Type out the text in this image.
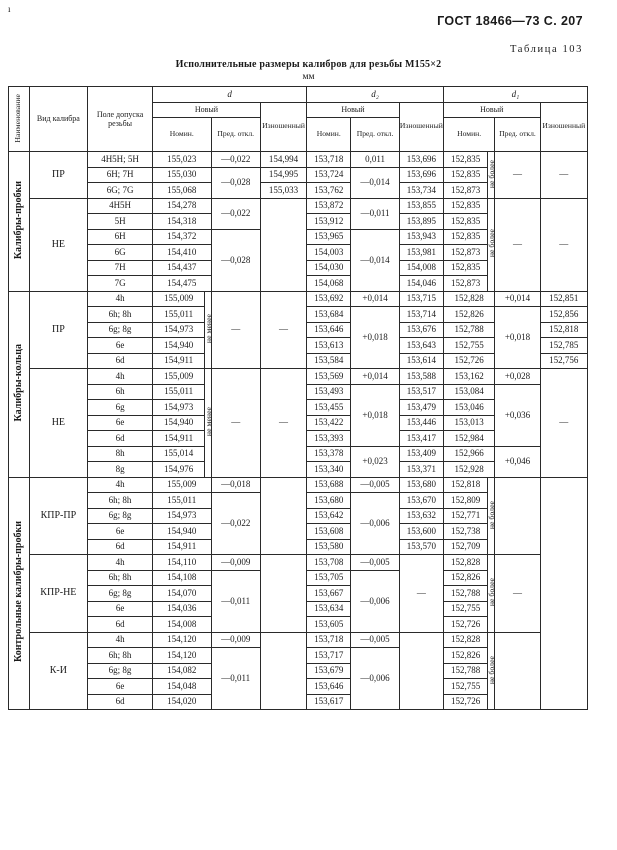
ı
ГОСТ 18466—73 С. 207
Таблица 103
Исполнительные размеры калибров для резьбы М155×2
мм
Наименование	Вид калибра	Поле допуска резьбы	d				d₂			d₁			
			Новый			Изношенный	Новый		Изношенный	Новый			Изношенный
			Номин.		Пред. откл.		Номин.	Пред. откл.		Номин.		Пред. откл.	
Калибры-пробки	ПР	4H5H; 5H	155,023		—0,022	154,994	153,718	0,011	153,696	152,835	не более	—	—
		6H; 7H	155,030		—0,028	154,995	153,724	—0,014	153,696	152,835			
		6G; 7G	155,068			155,033	153,762		153,734	152,873			
	НЕ	4H5H	154,278		—0,022		153,872	—0,011	153,855	152,835	не более	—	—
		5H	154,318				153,912		153,895	152,835			
		6H	154,372		—0,028		153,965	—0,014	153,943	152,835			
		6G	154,410				154,003		153,981	152,873			
		7H	154,437				154,030		154,008	152,835			
		7G	154,475				154,068		154,046	152,873			
Калибры-кольца	ПР	4h	155,009	не менее	—	—	153,692	+0,014	153,715	152,828		+0,014	152,851
		6h; 8h	155,011				153,684	+0,018	153,714	152,826		+0,018	152,856
		6g; 8g	154,973				153,646		153,676	152,788			152,818
		6e	154,940				153,613		153,643	152,755			152,785
		6d	154,911				153,584		153,614	152,726			152,756
	НЕ	4h	155,009	не менее	—	—	153,569	+0,014	153,588	153,162		+0,028	—
		6h	155,011				153,493	+0,018	153,517	153,084		+0,036	
		6g	154,973				153,455		153,479	153,046			
		6e	154,940				153,422		153,446	153,013			
		6d	154,911				153,393		153,417	152,984			
		8h	155,014				153,378	+0,023	153,409	152,966		+0,046	
		8g	154,976				153,340		153,371	152,928			
Контрольные калибры-пробки	КПР-ПР	4h	155,009		—0,018		153,688	—0,005	153,680	152,818	не более		
		6h; 8h	155,011		—0,022		153,680	—0,006	153,670	152,809			
		6g; 8g	154,973				153,642		153,632	152,771			
		6e	154,940				153,608		153,600	152,738			
		6d	154,911				153,580		153,570	152,709			
	КПР-НЕ	4h	154,110		—0,009		153,708	—0,005	—	152,828	не более	—	
		6h; 8h	154,108		—0,011		153,705	—0,006		152,826			
		6g; 8g	154,070				153,667			152,788			
		6e	154,036				153,634			152,755			
		6d	154,008				153,605			152,726			
	К-И	4h	154,120		—0,009		153,718	—0,005		152,828	не более		
		6h; 8h	154,120		—0,011		153,717	—0,006		152,826			
		6g; 8g	154,082				153,679			152,788			
		6e	154,048				153,646			152,755			
		6d	154,020				153,617			152,726			
